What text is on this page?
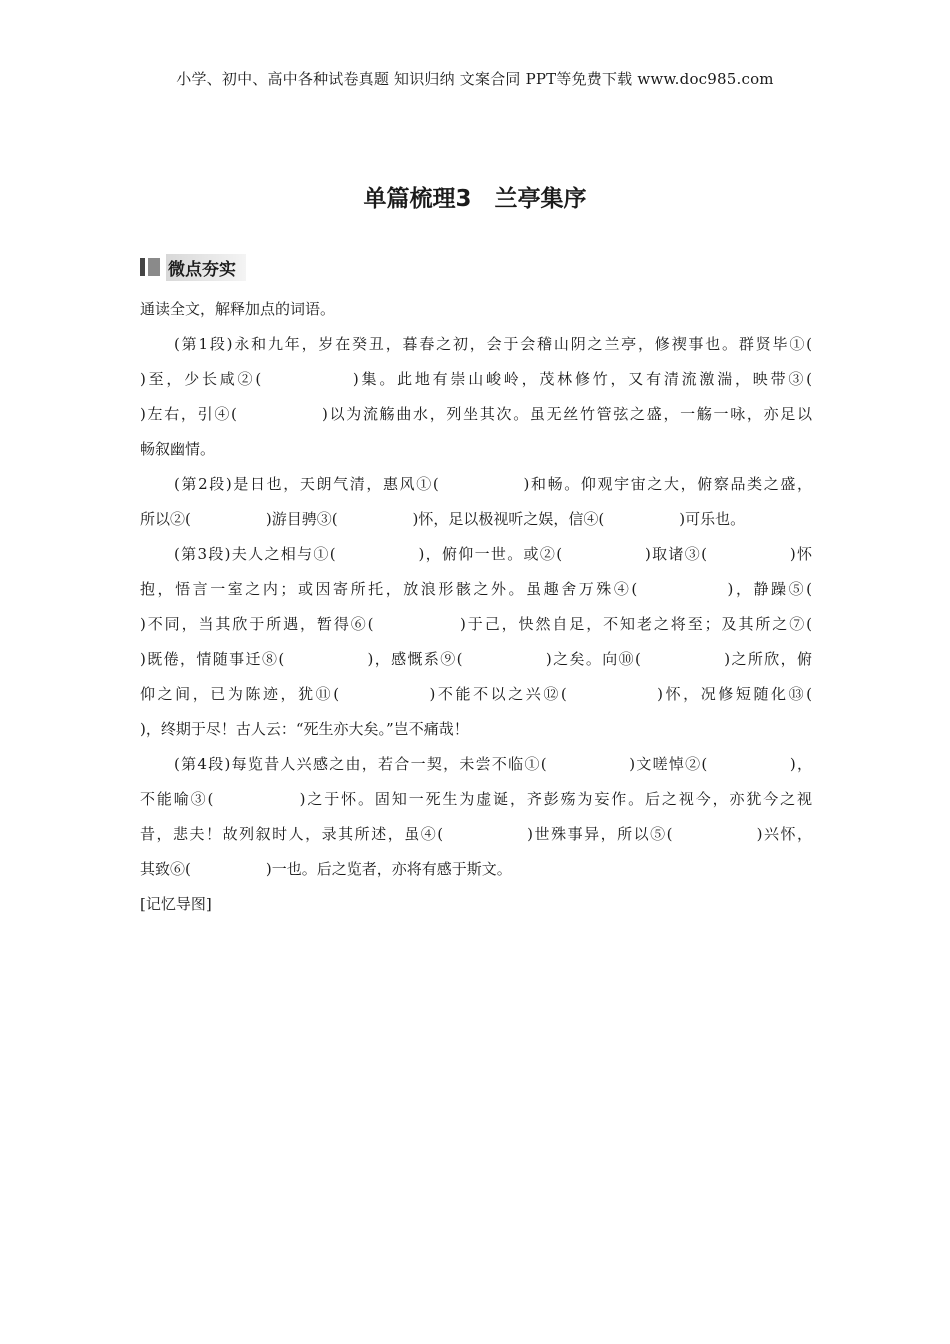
小学、初中、高中各种试卷真题 知识归纳 文案合同 PPT等免费下载 www.doc985.com
单篇梳理3　兰亭集序
微点夯实
通读全文，解释加点的词语。
(第1段)永和九年，岁在癸丑，暮春之初，会于会稽山阴之兰亭，修禊事也。群贤毕①(
)至，少长咸②(　　　　　)集。此地有崇山峻岭，茂林修竹，又有清流激湍，映带③(
)左右，引④(　　　　　)以为流觞曲水，列坐其次。虽无丝竹管弦之盛，一觞一咏，亦足以
畅叙幽情。
(第2段)是日也，天朗气清，惠风①(　　　　　)和畅。仰观宇宙之大，俯察品类之盛，
所以②(　　　　　)游目骋③(　　　　　)怀，足以极视听之娱，信④(　　　　　)可乐也。
(第3段)夫人之相与①(　　　　　)，俯仰一世。或②(　　　　　)取诸③(　　　　　)怀
抱，悟言一室之内；或因寄所托，放浪形骸之外。虽趣舍万殊④(　　　　　)，静躁⑤(
)不同，当其欣于所遇，暂得⑥(　　　　　)于己，快然自足，不知老之将至；及其所之⑦(
)既倦，情随事迁⑧(　　　　　)，感慨系⑨(　　　　　)之矣。向⑩(　　　　　)之所欣，俯
仰之间，已为陈迹，犹⑪(　　　　　)不能不以之兴⑫(　　　　　)怀，况修短随化⑬(
)，终期于尽！古人云：“死生亦大矣。”岂不痛哉！
(第4段)每览昔人兴感之由，若合一契，未尝不临①(　　　　　)文嗟悼②(　　　　　)，
不能喻③(　　　　　)之于怀。固知一死生为虚诞，齐彭殇为妄作。后之视今，亦犹今之视
昔，悲夫！故列叙时人，录其所述，虽④(　　　　　)世殊事异，所以⑤(　　　　　)兴怀，
其致⑥(　　　　　)一也。后之览者，亦将有感于斯文。
[记忆导图]
